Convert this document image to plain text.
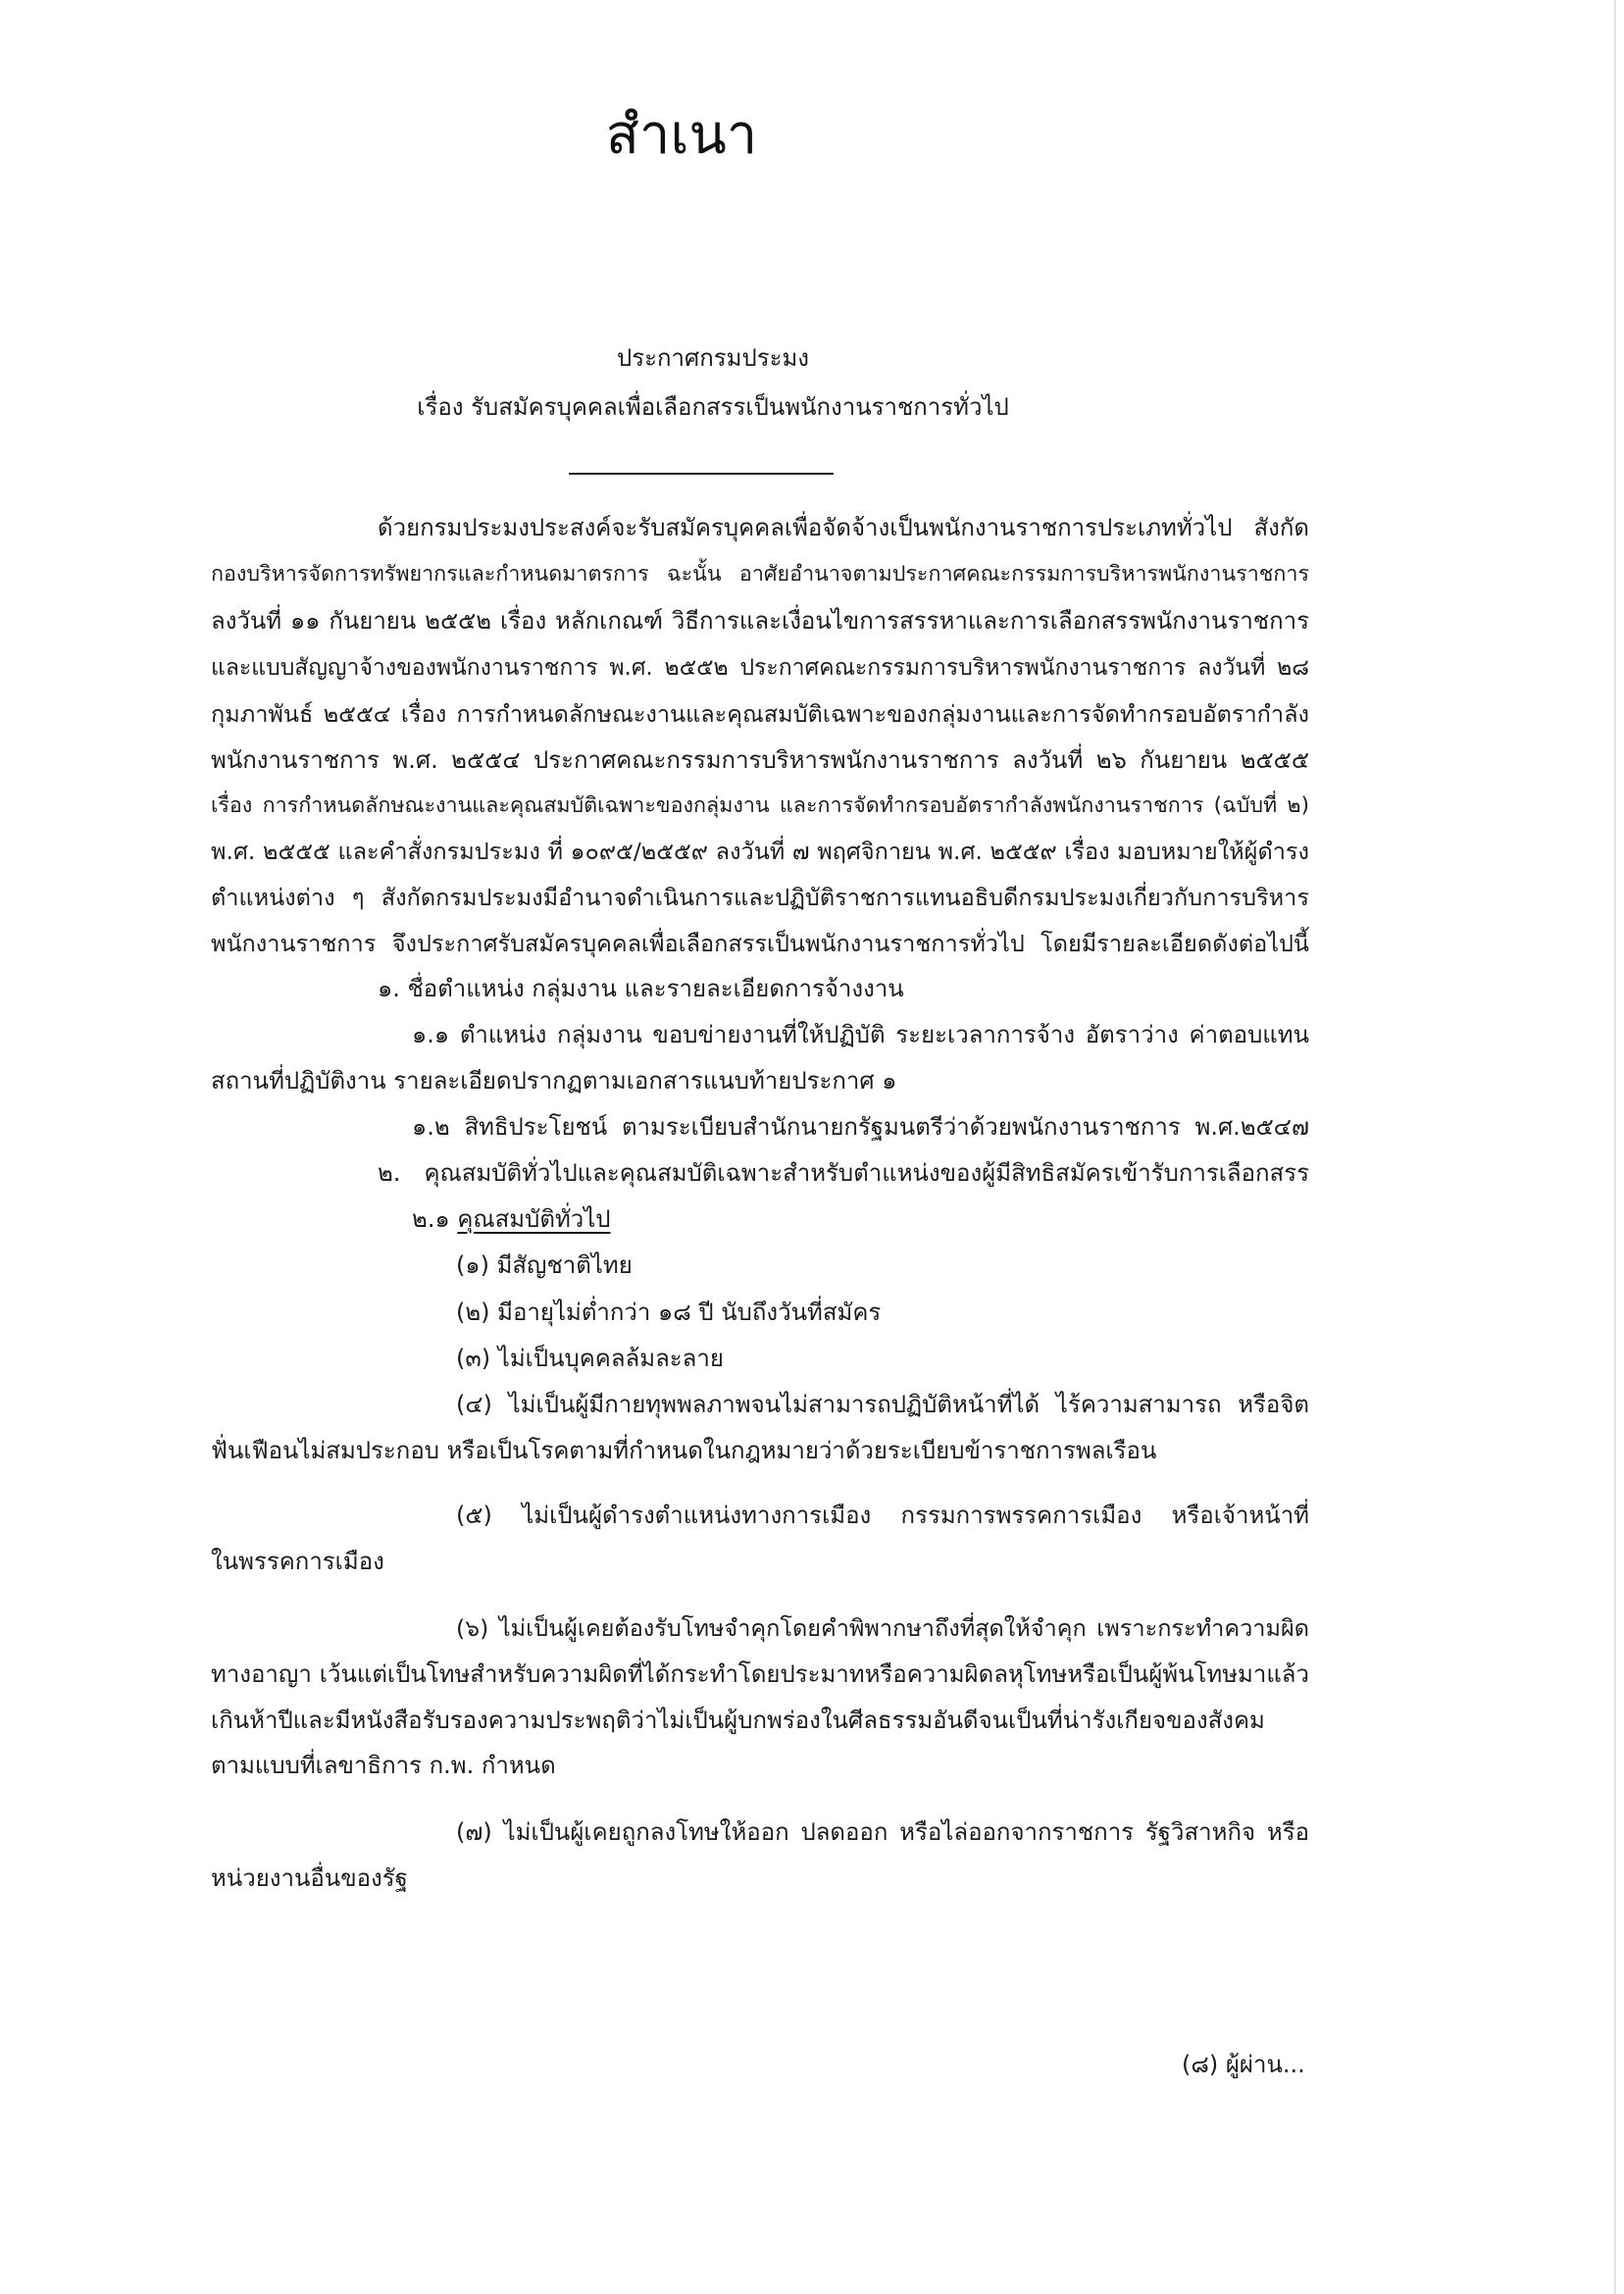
สำเนา
ประกาศกรมประมง
เรื่อง รับสมัครบุคคลเพื่อเลือกสรรเป็นพนักงานราชการทั่วไป
ด้วยกรมประมงประสงค์จะรับสมัครบุคคลเพื่อจัดจ้างเป็นพนักงานราชการประเภททั่วไป สังกัด
กองบริหารจัดการทรัพยากรและกำหนดมาตรการ ฉะนั้น อาศัยอำนาจตามประกาศคณะกรรมการบริหารพนักงานราชการ
ลงวันที่ ๑๑ กันยายน ๒๕๕๒ เรื่อง หลักเกณฑ์ วิธีการและเงื่อนไขการสรรหาและการเลือกสรรพนักงานราชการ
และแบบสัญญาจ้างของพนักงานราชการ พ.ศ. ๒๕๕๒ ประกาศคณะกรรมการบริหารพนักงานราชการ ลงวันที่ ๒๘
กุมภาพันธ์ ๒๕๕๔ เรื่อง การกำหนดลักษณะงานและคุณสมบัติเฉพาะของกลุ่มงานและการจัดทำกรอบอัตรากำลัง
พนักงานราชการ พ.ศ. ๒๕๕๔ ประกาศคณะกรรมการบริหารพนักงานราชการ ลงวันที่ ๒๖ กันยายน ๒๕๕๕
เรื่อง การกำหนดลักษณะงานและคุณสมบัติเฉพาะของกลุ่มงาน และการจัดทำกรอบอัตรากำลังพนักงานราชการ (ฉบับที่ ๒)
พ.ศ. ๒๕๕๕ และคำสั่งกรมประมง ที่ ๑๐๙๕/๒๕๕๙ ลงวันที่ ๗ พฤศจิกายน พ.ศ. ๒๕๕๙ เรื่อง มอบหมายให้ผู้ดำรง
ตำแหน่งต่าง ๆ สังกัดกรมประมงมีอำนาจดำเนินการและปฏิบัติราชการแทนอธิบดีกรมประมงเกี่ยวกับการบริหาร
พนักงานราชการ จึงประกาศรับสมัครบุคคลเพื่อเลือกสรรเป็นพนักงานราชการทั่วไป โดยมีรายละเอียดดังต่อไปนี้
๑. ชื่อตำแหน่ง กลุ่มงาน และรายละเอียดการจ้างงาน
๑.๑ ตำแหน่ง กลุ่มงาน ขอบข่ายงานที่ให้ปฏิบัติ ระยะเวลาการจ้าง อัตราว่าง ค่าตอบแทน
สถานที่ปฏิบัติงาน รายละเอียดปรากฏตามเอกสารแนบท้ายประกาศ ๑
๑.๒ สิทธิประโยชน์ ตามระเบียบสำนักนายกรัฐมนตรีว่าด้วยพนักงานราชการ พ.ศ.๒๕๔๗
๒. คุณสมบัติทั่วไปและคุณสมบัติเฉพาะสำหรับตำแหน่งของผู้มีสิทธิสมัครเข้ารับการเลือกสรร
๒.๑ คุณสมบัติทั่วไป
(๑) มีสัญชาติไทย
(๒) มีอายุไม่ต่ำกว่า ๑๘ ปี นับถึงวันที่สมัคร
(๓) ไม่เป็นบุคคลล้มละลาย
(๔) ไม่เป็นผู้มีกายทุพพลภาพจนไม่สามารถปฏิบัติหน้าที่ได้ ไร้ความสามารถ หรือจิต
ฟั่นเฟือนไม่สมประกอบ หรือเป็นโรคตามที่กำหนดในกฎหมายว่าด้วยระเบียบข้าราชการพลเรือน
(๕) ไม่เป็นผู้ดำรงตำแหน่งทางการเมือง กรรมการพรรคการเมือง หรือเจ้าหน้าที่
ในพรรคการเมือง
(๖) ไม่เป็นผู้เคยต้องรับโทษจำคุกโดยคำพิพากษาถึงที่สุดให้จำคุก เพราะกระทำความผิด
ทางอาญา เว้นแต่เป็นโทษสำหรับความผิดที่ได้กระทำโดยประมาทหรือความผิดลหุโทษหรือเป็นผู้พ้นโทษมาแล้ว
เกินห้าปีและมีหนังสือรับรองความประพฤติว่าไม่เป็นผู้บกพร่องในศีลธรรมอันดีจนเป็นที่น่ารังเกียจของสังคม
ตามแบบที่เลขาธิการ ก.พ. กำหนด
(๗) ไม่เป็นผู้เคยถูกลงโทษให้ออก ปลดออก หรือไล่ออกจากราชการ รัฐวิสาหกิจ หรือ
หน่วยงานอื่นของรัฐ
(๘) ผู้ผ่าน...
